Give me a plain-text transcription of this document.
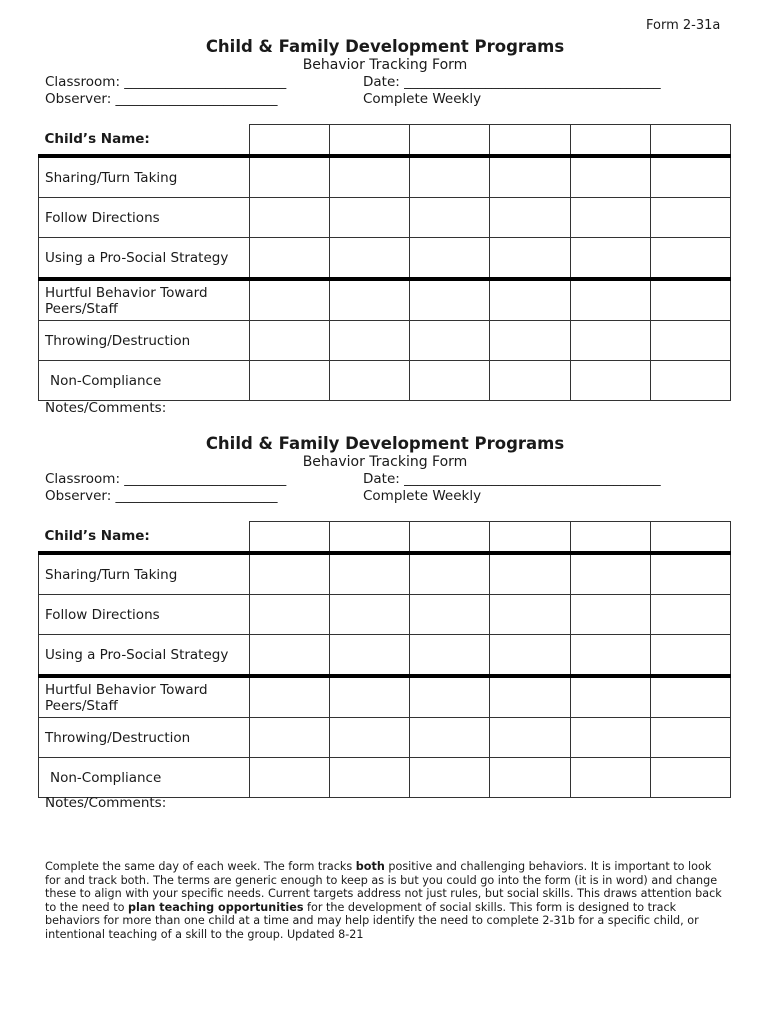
Form 2-31a
Child & Family Development Programs
Behavior Tracking Form
Classroom: ________________________	Date: ______________________________________
Observer: ________________________	Complete Weekly
Child’s Name:						
Sharing/Turn Taking						
Follow Directions						
Using a Pro-Social Strategy						
Hurtful Behavior Toward Peers/Staff						
Throwing/Destruction						
Non-Compliance						
Notes/Comments:
Child & Family Development Programs
Behavior Tracking Form
Classroom: ________________________	Date: ______________________________________
Observer: ________________________	Complete Weekly
Child’s Name:						
Sharing/Turn Taking						
Follow Directions						
Using a Pro-Social Strategy						
Hurtful Behavior Toward Peers/Staff						
Throwing/Destruction						
Non-Compliance						
Notes/Comments:
Complete the same day of each week. The form tracks both positive and challenging behaviors. It is important to look for and track both. The terms are generic enough to keep as is but you could go into the form (it is in word) and change these to align with your specific needs. Current targets address not just rules, but social skills. This draws attention back to the need to plan teaching opportunities for the development of social skills. This form is designed to track behaviors for more than one child at a time and may help identify the need to complete 2-31b for a specific child, or intentional teaching of a skill to the group. Updated 8-21
